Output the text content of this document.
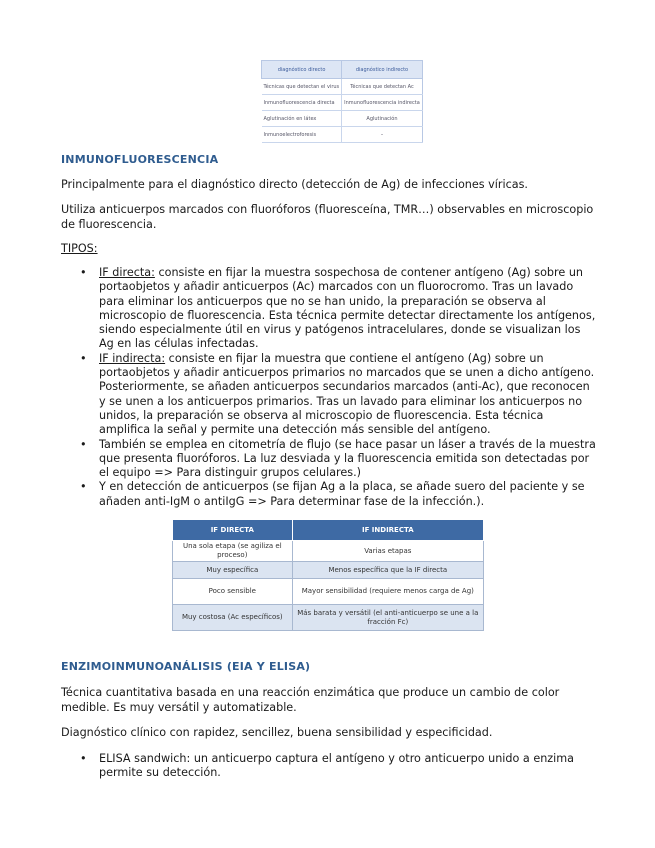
diagnóstico directo	diagnóstico indirecto
Técnicas que detectan el virus	Técnicas que detectan Ac
Inmunofluorescencia directa	Inmunofluorescencia indirecta
Aglutinación en látex	Aglutinación
Inmunoelectroforesis	–
INMUNOFLUORESCENCIA

Principalmente para el diagnóstico directo (detección de Ag) de infecciones víricas.

Utiliza anticuerpos marcados con fluoróforos (fluoresceína, TMR…) observables en microscopio de fluorescencia.

TIPOS:

• IF directa: consiste en fijar la muestra sospechosa de contener antígeno (Ag) sobre un portaobjetos y añadir anticuerpos (Ac) marcados con un fluorocromo. Tras un lavado para eliminar los anticuerpos que no se han unido, la preparación se observa al microscopio de fluorescencia. Esta técnica permite detectar directamente los antígenos, siendo especialmente útil en virus y patógenos intracelulares, donde se visualizan los Ag en las células infectadas.
• IF indirecta: consiste en fijar la muestra que contiene el antígeno (Ag) sobre un portaobjetos y añadir anticuerpos primarios no marcados que se unen a dicho antígeno. Posteriormente, se añaden anticuerpos secundarios marcados (anti-Ac), que reconocen y se unen a los anticuerpos primarios. Tras un lavado para eliminar los anticuerpos no unidos, la preparación se observa al microscopio de fluorescencia. Esta técnica amplifica la señal y permite una detección más sensible del antígeno.
• También se emplea en citometría de flujo (se hace pasar un láser a través de la muestra que presenta fluoróforos. La luz desviada y la fluorescencia emitida son detectadas por el equipo => Para distinguir grupos celulares.)
• Y en detección de anticuerpos (se fijan Ag a la placa, se añade suero del paciente y se añaden anti-IgM o antiIgG => Para determinar fase de la infección.).
IF DIRECTA	IF INDIRECTA
Una sola etapa (se agiliza el proceso)	Varias etapas
Muy específica	Menos específica que la IF directa
Poco sensible	Mayor sensibilidad (requiere menos carga de Ag)
Muy costosa (Ac específicos)	Más barata y versátil (el anti-anticuerpo se une a la fracción Fc)
ENZIMOINMUNOANÁLISIS (EIA Y ELISA)

Técnica cuantitativa basada en una reacción enzimática que produce un cambio de color medible. Es muy versátil y automatizable.

Diagnóstico clínico con rapidez, sencillez, buena sensibilidad y especificidad.

• ELISA sandwich: un anticuerpo captura el antígeno y otro anticuerpo unido a enzima permite su detección.
